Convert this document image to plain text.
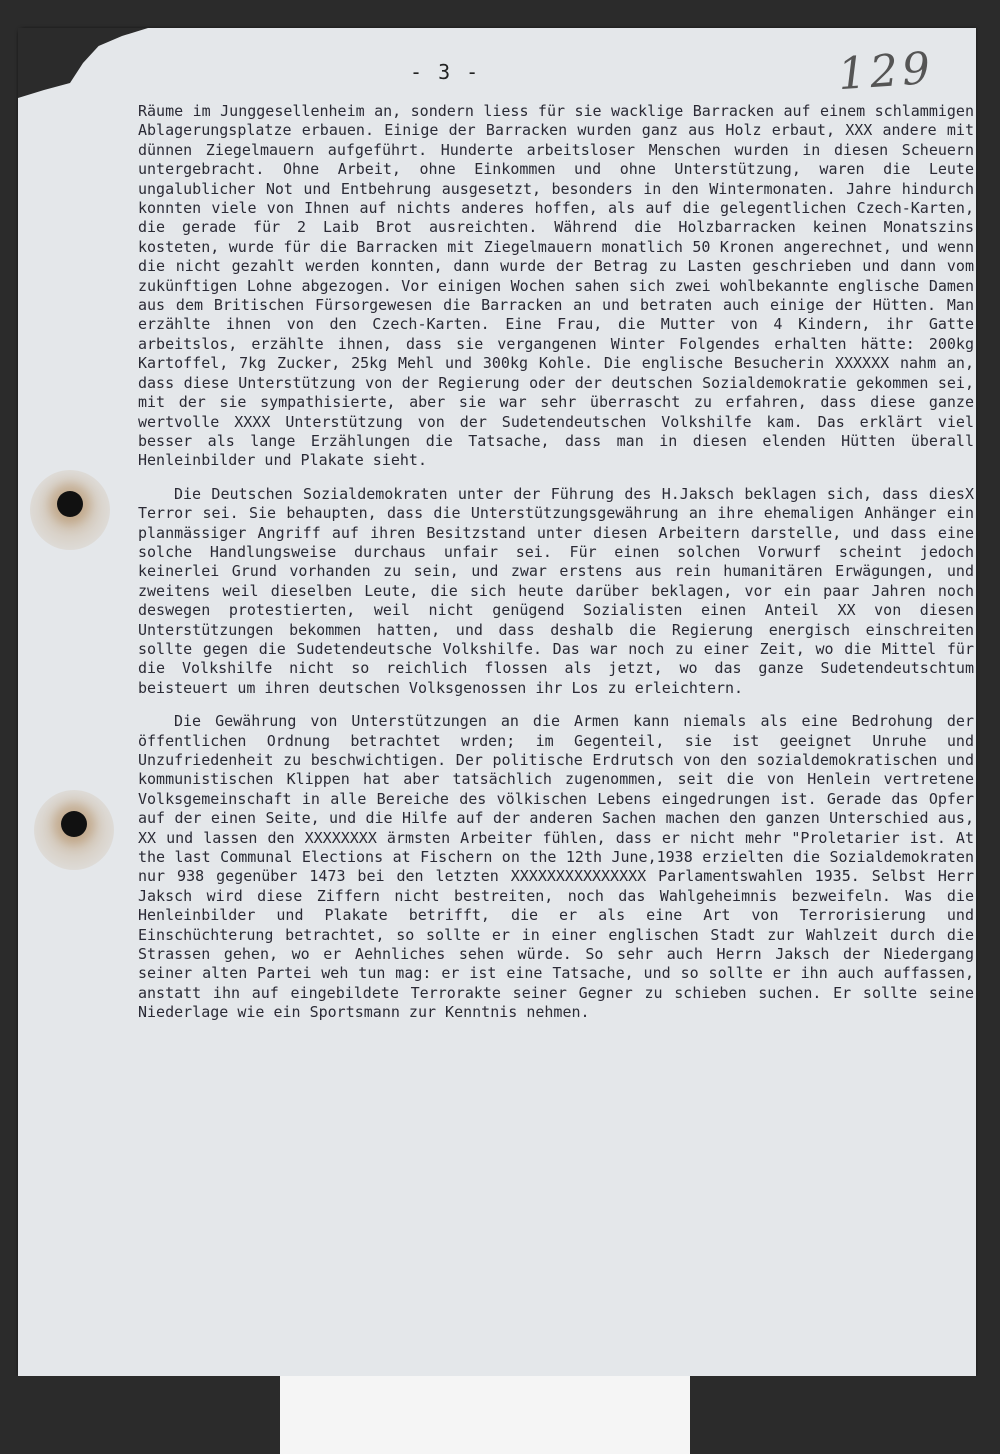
- 3 -	129

Räume im Junggesellenheim an, sondern liess für sie wacklige Barracken auf einem schlammigen Ablagerungsplatze erbauen. Einige der Barracken wurden ganz aus Holz erbaut, XXX andere mit dünnen Ziegelmauern aufgeführt. Hunderte arbeitsloser Menschen wurden in diesen Scheuern untergebracht. Ohne Arbeit, ohne Einkommen und ohne Unterstützung, waren die Leute ungalublicher Not und Entbehrung ausgesetzt, besonders in den Wintermonaten. Jahre hindurch konnten viele von Ihnen auf nichts anderes hoffen, als auf die gelegentlichen Czech-Karten, die gerade für 2 Laib Brot ausreichten. Während die Holzbarracken keinen Monatszins kosteten, wurde für die Barracken mit Ziegelmauern monatlich 50 Kronen angerechnet, und wenn die nicht gezahlt werden konnten, dann wurde der Betrag zu Lasten geschrieben und dann vom zukünftigen Lohne abgezogen. Vor einigen Wochen sahen sich zwei wohlbekannte englische Damen aus dem Britischen Fürsorgewesen die Barracken an und betraten auch einige der Hütten. Man erzählte ihnen von den Czech-Karten. Eine Frau, die Mutter von 4 Kindern, ihr Gatte arbeitslos, erzählte ihnen, dass sie vergangenen Winter Folgendes erhalten hätte: 200kg Kartoffel, 7kg Zucker, 25kg Mehl und 300kg Kohle. Die englische Besucherin XXXXXX nahm an, dass diese Unterstützung von der Regierung oder der deutschen Sozialdemokratie gekommen sei, mit der sie sympathisierte, aber sie war sehr überrascht zu erfahren, dass diese ganze wertvolle XXXX Unterstützung von der Sudetendeutschen Volkshilfe kam. Das erklärt viel besser als lange Erzählungen die Tatsache, dass man in diesen elenden Hütten überall Henleinbilder und Plakate sieht.

Die Deutschen Sozialdemokraten unter der Führung des H.Jaksch beklagen sich, dass diesX Terror sei. Sie behaupten, dass die Unterstützungsgewährung an ihre ehemaligen Anhänger ein planmässiger Angriff auf ihren Besitzstand unter diesen Arbeitern darstelle, und dass eine solche Handlungsweise durchaus unfair sei. Für einen solchen Vorwurf scheint jedoch keinerlei Grund vorhanden zu sein, und zwar erstens aus rein humanitären Erwägungen, und zweitens weil dieselben Leute, die sich heute darüber beklagen, vor ein paar Jahren noch deswegen protestierten, weil nicht genügend Sozialisten einen Anteil XX von diesen Unterstützungen bekommen hatten, und dass deshalb die Regierung energisch einschreiten sollte gegen die Sudetendeutsche Volkshilfe. Das war noch zu einer Zeit, wo die Mittel für die Volkshilfe nicht so reichlich flossen als jetzt, wo das ganze Sudetendeutschtum beisteuert um ihren deutschen Volksgenossen ihr Los zu erleichtern.

Die Gewährung von Unterstützungen an die Armen kann niemals als eine Bedrohung der öffentlichen Ordnung betrachtet wrden; im Gegenteil, sie ist geeignet Unruhe und Unzufriedenheit zu beschwichtigen. Der politische Erdrutsch von den sozialdemokratischen und kommunistischen Klippen hat aber tatsächlich zugenommen, seit die von Henlein vertretene Volksgemeinschaft in alle Bereiche des völkischen Lebens eingedrungen ist. Gerade das Opfer auf der einen Seite, und die Hilfe auf der anderen Sachen machen den ganzen Unterschied aus, XX und lassen den XXXXXXXX ärmsten Arbeiter fühlen, dass er nicht mehr "Proletarier ist. At the last Communal Elections at Fischern on the 12th June,1938 erzielten die Sozialdemokraten nur 938 gegenüber 1473 bei den letzten XXXXXXXXXXXXXXX Parlamentswahlen 1935. Selbst Herr Jaksch wird diese Ziffern nicht bestreiten, noch das Wahlgeheimnis bezweifeln. Was die Henleinbilder und Plakate betrifft, die er als eine Art von Terrorisierung und Einschüchterung betrachtet, so sollte er in einer englischen Stadt zur Wahlzeit durch die Strassen gehen, wo er Aehnliches sehen würde. So sehr auch Herrn Jaksch der Niedergang seiner alten Partei weh tun mag: er ist eine Tatsache, und so sollte er ihn auch auffassen, anstatt ihn auf eingebildete Terrorakte seiner Gegner zu schieben suchen. Er sollte seine Niederlage wie ein Sportsmann zur Kenntnis nehmen.
